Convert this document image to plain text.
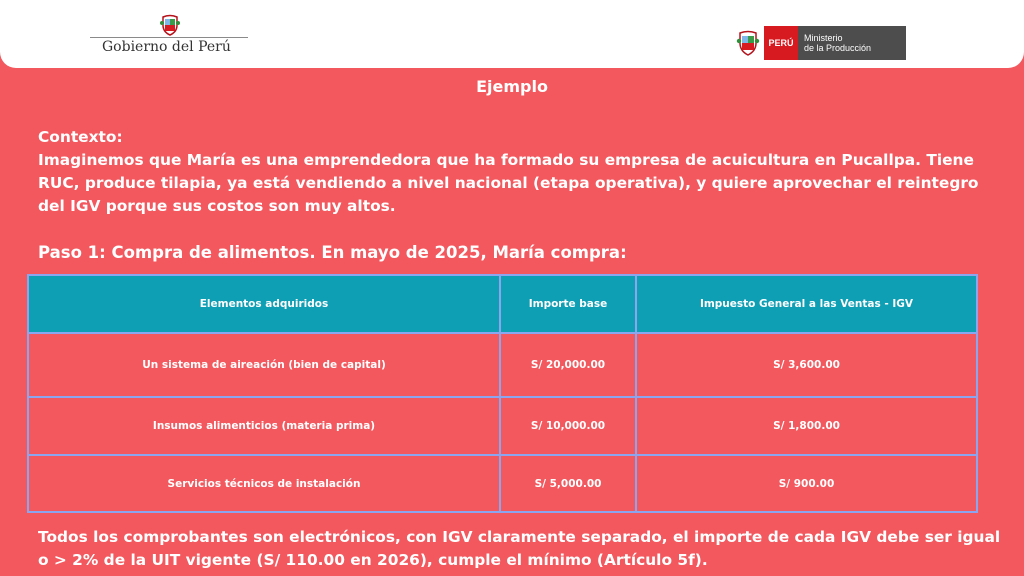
Gobierno del Perú	PERÚ	Ministerio
de la Producción
Ejemplo

Contexto:

Imaginemos que María es una emprendedora que ha formado su empresa de acuicultura en Pucallpa. Tiene RUC, produce tilapia, ya está vendiendo a nivel nacional (etapa operativa), y quiere aprovechar el reintegro del IGV porque sus costos son muy altos.

Paso 1: Compra de alimentos. En mayo de 2025, María compra:
Elementos adquiridos	Importe base	Impuesto General a las Ventas - IGV
Un sistema de aireación (bien de capital)	S/ 20,000.00	S/ 3,600.00
Insumos alimenticios (materia prima)	S/ 10,000.00	S/ 1,800.00
Servicios técnicos de instalación	S/ 5,000.00	S/ 900.00
Todos los comprobantes son electrónicos, con IGV claramente separado, el importe de cada IGV debe ser igual o > 2% de la UIT vigente (S/ 110.00 en 2026), cumple el mínimo (Artículo 5f).
